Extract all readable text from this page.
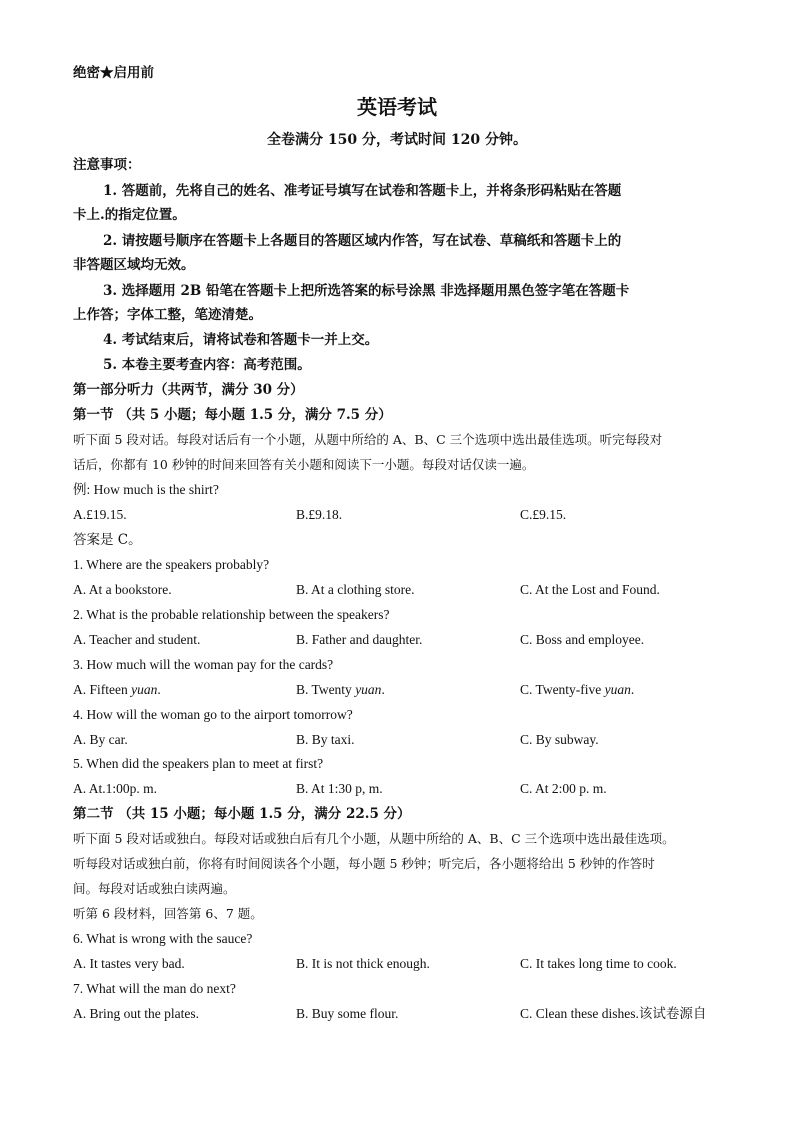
绝密★启用前
英语考试
全卷满分 150 分，考试时间 120 分钟。
注意事项：
1. 答题前，先将自己的姓名、准考证号填写在试卷和答题卡上，并将条形码粘贴在答题
卡上.的指定位置。
2. 请按题号顺序在答题卡上各题目的答题区域内作答，写在试卷、草稿纸和答题卡上的
非答题区域均无效。
3. 选择题用 2B 铅笔在答题卡上把所选答案的标号涂黑 非选择题用黑色签字笔在答题卡
上作答；字体工整，笔迹清楚。
4. 考试结束后，请将试卷和答题卡一并上交。
5. 本卷主要考查内容：高考范围。
第一部分听力（共两节，满分 30 分）
第一节 （共 5 小题；每小题 1.5 分，满分 7.5 分）
听下面 5 段对话。每段对话后有一个小题，从题中所给的 A、B、C 三个选项中选出最佳选项。听完每段对
话后，你都有 10 秒钟的时间来回答有关小题和阅读下一小题。每段对话仅读一遍。
例: How much is the shirt?
A.£19.15.	B.£9.18.	C.£9.15.
答案是 C。
1. Where are the speakers probably?
A. At a bookstore.	B. At a clothing store.	C. At the Lost and Found.
2. What is the probable relationship between the speakers?
A. Teacher and student.	B. Father and daughter.	C. Boss and employee.
3. How much will the woman pay for the cards?
A. Fifteen yuan.	B. Twenty yuan.	C. Twenty-five yuan.
4. How will the woman go to the airport tomorrow?
A. By car.	B. By taxi.	C. By subway.
5. When did the speakers plan to meet at first?
A. At.1:00p. m.	B. At 1:30 p, m.	C. At 2:00 p. m.
第二节 （共 15 小题；每小题 1.5 分，满分 22.5 分）
听下面 5 段对话或独白。每段对话或独白后有几个小题，从题中所给的 A、B、C 三个选项中选出最佳选项。
听每段对话或独白前，你将有时间阅读各个小题，每小题 5 秒钟；听完后，各小题将给出 5 秒钟的作答时
间。每段对话或独白读两遍。
听第 6 段材料，回答第 6、7 题。
6. What is wrong with the sauce?
A. It tastes very bad.	B. It is not thick enough.	C. It takes long time to cook.
7. What will the man do next?
A. Bring out the plates.	B. Buy some flour.	C. Clean these dishes.该试卷源自
